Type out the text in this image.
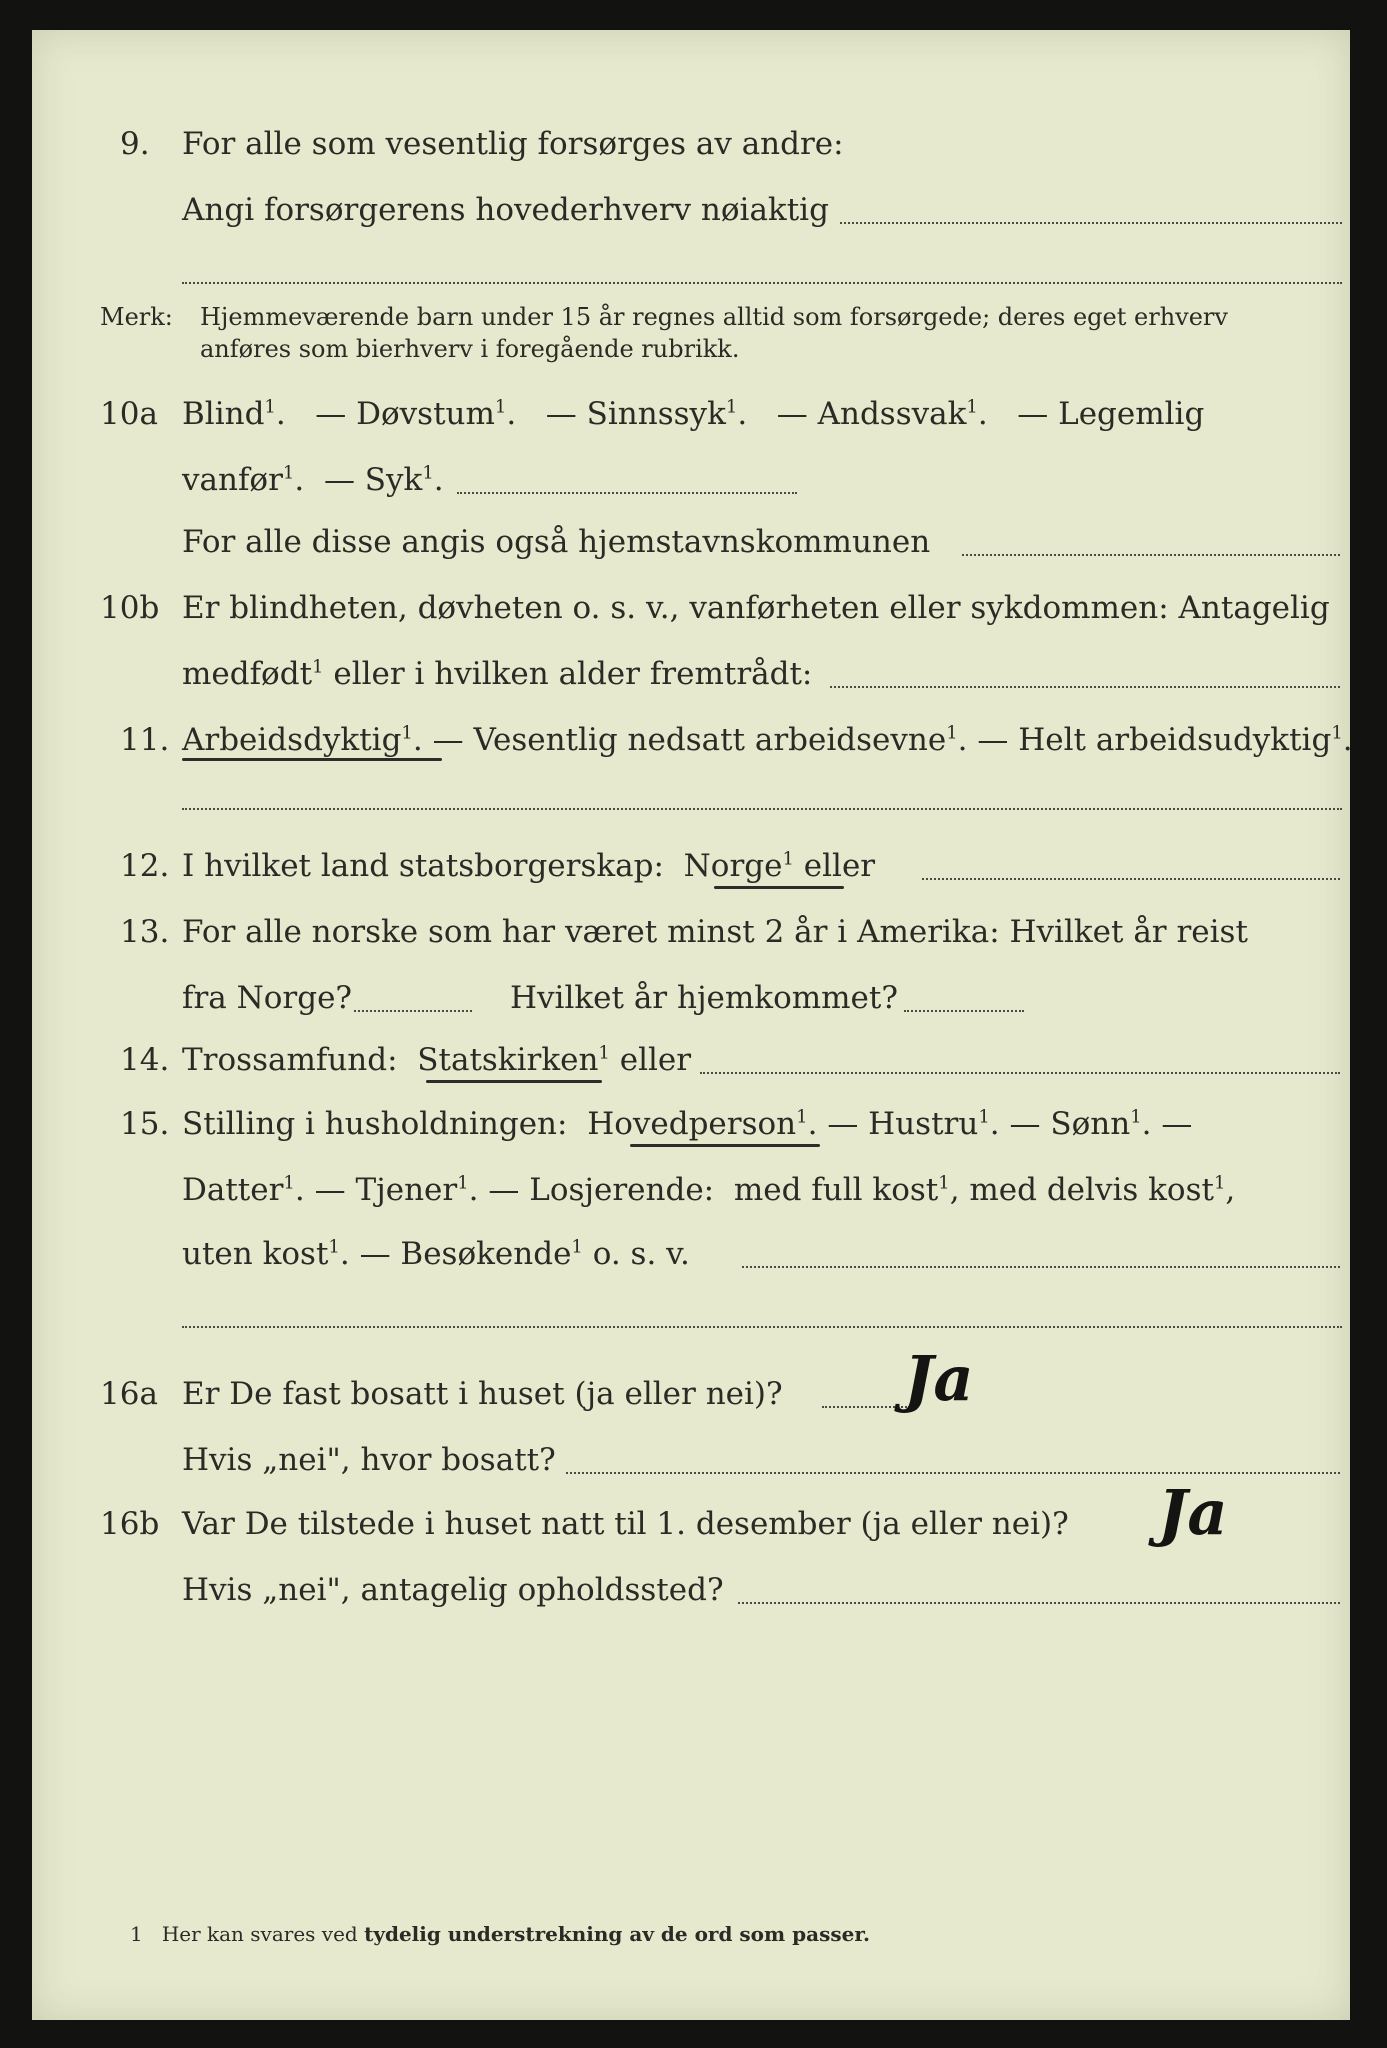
9. For alle som vesentlig forsørges av andre:
Angi forsørgerens hovederhverv nøiaktig
Merk: Hjemmeværende barn under 15 år regnes alltid som forsørgede; deres eget erhverv
anføres som bierhverv i foregående rubrikk.
10a Blind$^1$.   — Døvstum$^1$.   — Sinnssyk$^1$.   — Andssvak$^1$.   — Legemlig
vanfør$^1$.  — Syk$^1$.
For alle disse angis også hjemstavnskommunen
10b Er blindheten, døvheten o. s. v., vanførheten eller sykdommen: Antagelig
medfødt$^1$ eller i hvilken alder fremtrådt:
11. Arbeidsdyktig$^1$. — Vesentlig nedsatt arbeidsevne$^1$. — Helt arbeidsudyktig$^1$.
12. I hvilket land statsborgerskap: Norge$^1$ eller
13. For alle norske som har været minst 2 år i Amerika: Hvilket år reist
fra Norge?	Hvilket år hjemkommet?
14. Trossamfund: Statskirken$^1$ eller
15. Stilling i husholdningen: Hovedperson$^1$. — Hustru$^1$. — Sønn$^1$. —
Datter$^1$. — Tjener$^1$. — Losjerende: med full kost$^1$, med delvis kost$^1$,
uten kost$^1$. — Besøkende$^1$ o. s. v.
16a Er De fast bosatt i huset (ja eller nei)? Ja
Hvis „nei", hvor bosatt?
16b Var De tilstede i huset natt til 1. desember (ja eller nei)? Ja
Hvis „nei", antagelig opholdssted?
1 Her kan svares ved tydelig understrekning av de ord som passer.
